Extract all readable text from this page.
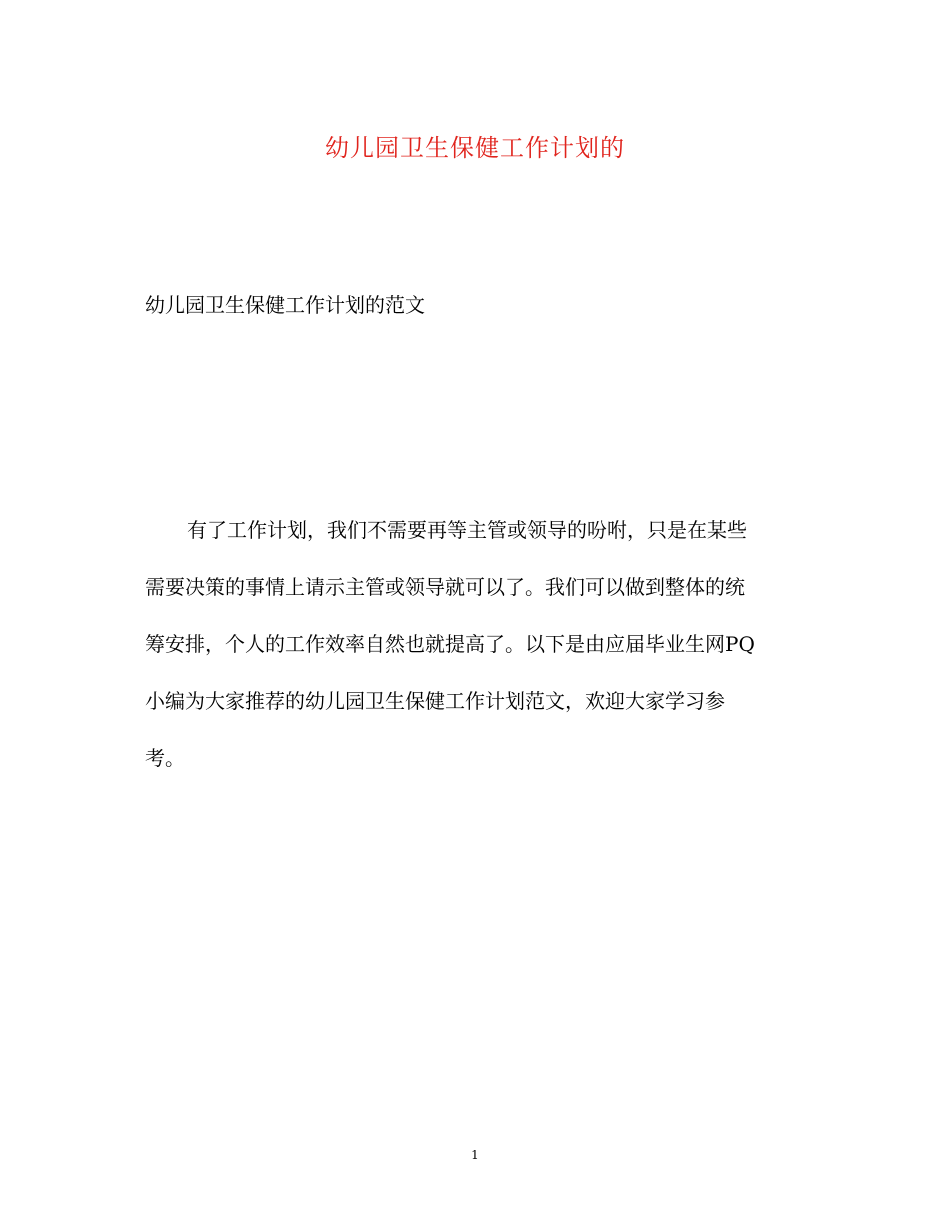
幼儿园卫生保健工作计划的
幼儿园卫生保健工作计划的范文

有了工作计划，我们不需要再等主管或领导的吩咐，只是在某些
需要决策的事情上请示主管或领导就可以了。我们可以做到整体的统
筹安排，个人的工作效率自然也就提高了。以下是由应届毕业生网PQ
小编为大家推荐的幼儿园卫生保健工作计划范文，欢迎大家学习参
考。

1
